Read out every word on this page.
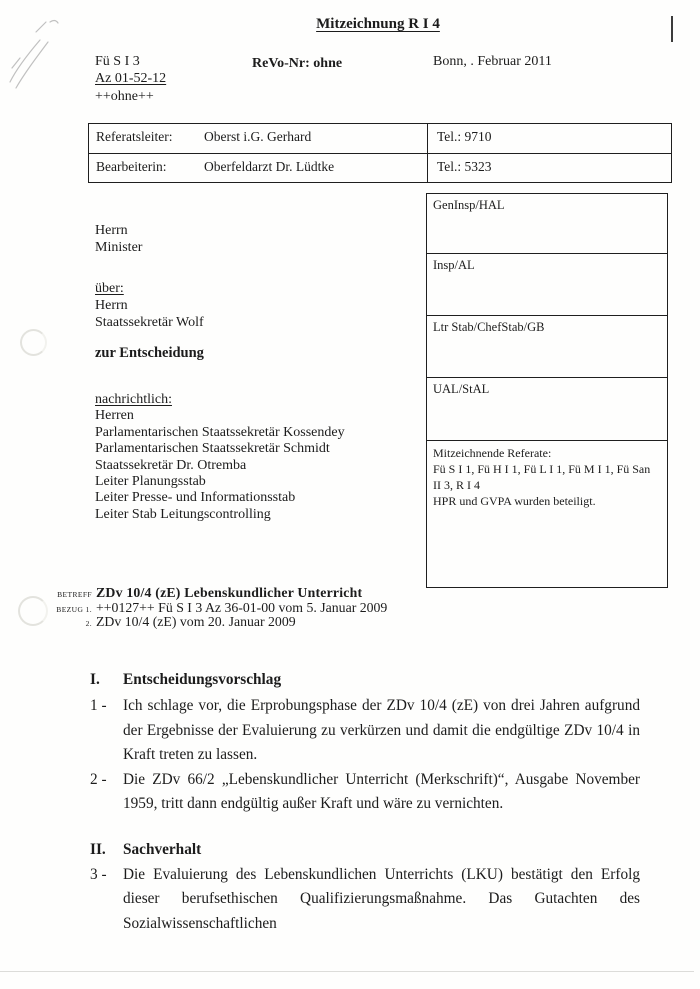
Mitzeichnung R I 4
Fü S I 3
Az 01-52-12
++ohne++
ReVo-Nr: ohne	Bonn, . Februar 2011
Referatsleiter: Oberst i.G. Gerhard	Tel.: 9710
Bearbeiterin:	Oberfeldarzt Dr. Lüdtke	Tel.: 5323
GenInsp/HAL
Insp/AL
Ltr Stab/ChefStab/GB
UAL/StAL
Mitzeichnende Referate:
Fü S I 1, Fü H I 1, Fü L I 1, Fü M I 1, Fü San II 3, R I 4
HPR und GVPA wurden beteiligt.
Herrn
Minister
über:
Herrn
Staatssekretär Wolf
zur Entscheidung
nachrichtlich:
Herren
Parlamentarischen Staatssekretär Kossendey
Parlamentarischen Staatssekretär Schmidt
Staatssekretär Dr. Otremba
Leiter Planungsstab
Leiter Presse- und Informationsstab
Leiter Stab Leitungscontrolling
BETREFF ZDv 10/4 (zE) Lebenskundlicher Unterricht
BEZUG 1. ++0127++ Fü S I 3 Az 36-01-00 vom 5. Januar 2009
2. ZDv 10/4 (zE) vom 20. Januar 2009
I. Entscheidungsvorschlag
1 - Ich schlage vor, die Erprobungsphase der ZDv 10/4 (zE) von drei Jahren aufgrund der Ergebnisse der Evaluierung zu verkürzen und damit die endgültige ZDv 10/4 in Kraft treten zu lassen.
2 - Die ZDv 66/2 „Lebenskundlicher Unterricht (Merkschrift)“, Ausgabe November 1959, tritt dann endgültig außer Kraft und wäre zu vernichten.
II. Sachverhalt
3 - Die Evaluierung des Lebenskundlichen Unterrichts (LKU) bestätigt den Erfolg dieser berufsethischen Qualifizierungsmaßnahme. Das Gutachten des Sozialwissenschaftlichen
